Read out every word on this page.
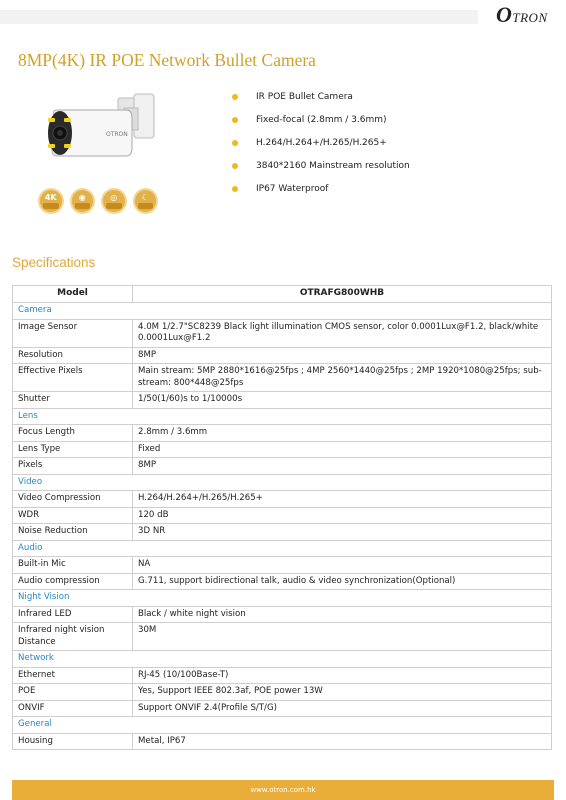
OTRON
8MP(4K) IR POE Network Bullet Camera
OTRON
4K	◉	◎	☾
IR POE Bullet Camera
Fixed-focal (2.8mm / 3.6mm)
H.264/H.264+/H.265/H.265+
3840*2160 Mainstream resolution
IP67 Waterproof
Specifications
Model	OTRAFG800WHB
Camera	
Image Sensor	4.0M 1/2.7"SC8239 Black light illumination CMOS sensor, color 0.0001Lux@F1.2, black/white 0.0001Lux@F1.2
Resolution	8MP
Effective Pixels	Main stream: 5MP 2880*1616@25fps ; 4MP 2560*1440@25fps ; 2MP 1920*1080@25fps; sub-stream: 800*448@25fps
Shutter	1/50(1/60)s to 1/10000s
Lens	
Focus Length	2.8mm / 3.6mm
Lens Type	Fixed
Pixels	8MP
Video	
Video Compression	H.264/H.264+/H.265/H.265+
WDR	120 dB
Noise Reduction	3D NR
Audio	
Built-in Mic	NA
Audio compression	G.711, support bidirectional talk, audio & video synchronization(Optional)
Night Vision	
Infrared LED	Black / white night vision
Infrared night vision Distance	30M
Network	
Ethernet	RJ-45 (10/100Base-T)
POE	Yes, Support IEEE 802.3af, POE power 13W
ONVIF	Support ONVIF 2.4(Profile S/T/G)
General	
Housing	Metal, IP67
www.otron.com.hk
